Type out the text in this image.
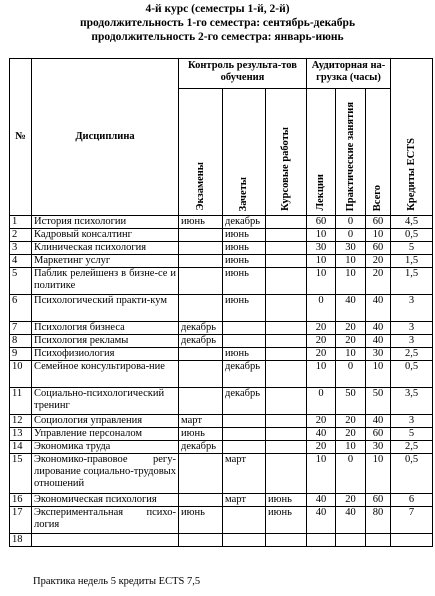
4-й курс (семестры 1-й, 2-й)
продолжительность 1-го семестра: сентябрь-декабрь
продолжительность 2-го семестра: январь-июнь
№	Дисциплина	Контроль результа-тов обучения			Аудиторная на-грузка (часы)			Кредиты ECTS
		Экзамены	Зачеты	Курсовые работы	Лекции	Практические занятия	Всего	
1	История психологии	июнь	декабрь		60	0	60	4,5
2	Кадровый консалтинг		июнь		10	0	10	0,5
3	Клиническая психология		июнь		30	30	60	5
4	Маркетинг услуг		июнь		10	10	20	1,5
5	Паблик релейшенз в бизне-се и политике		июнь		10	10	20	1,5
6	Психологический практи-кум		июнь		0	40	40	3
7	Психология бизнеса	декабрь			20	20	40	3
8	Психология рекламы	декабрь			20	20	40	3
9	Психофизиология		июнь		20	10	30	2,5
10	Семейное консультирова-ние		декабрь		10	0	10	0,5
11	Социально-психологический тренинг		декабрь		0	50	50	3,5
12	Социология управления	март			20	20	40	3
13	Управление персоналом	июнь			40	20	60	5
14	Экономика труда	декабрь			20	10	30	2,5
15	Экономико-правовое регу-лирование социально-трудовых отношений		март		10	0	10	0,5
16	Экономическая психология		март	июнь	40	20	60	6
17	Экспериментальная психо-логия	июнь		июнь	40	40	80	7
18								
Практика недель 5 кредиты ECTS 7,5
